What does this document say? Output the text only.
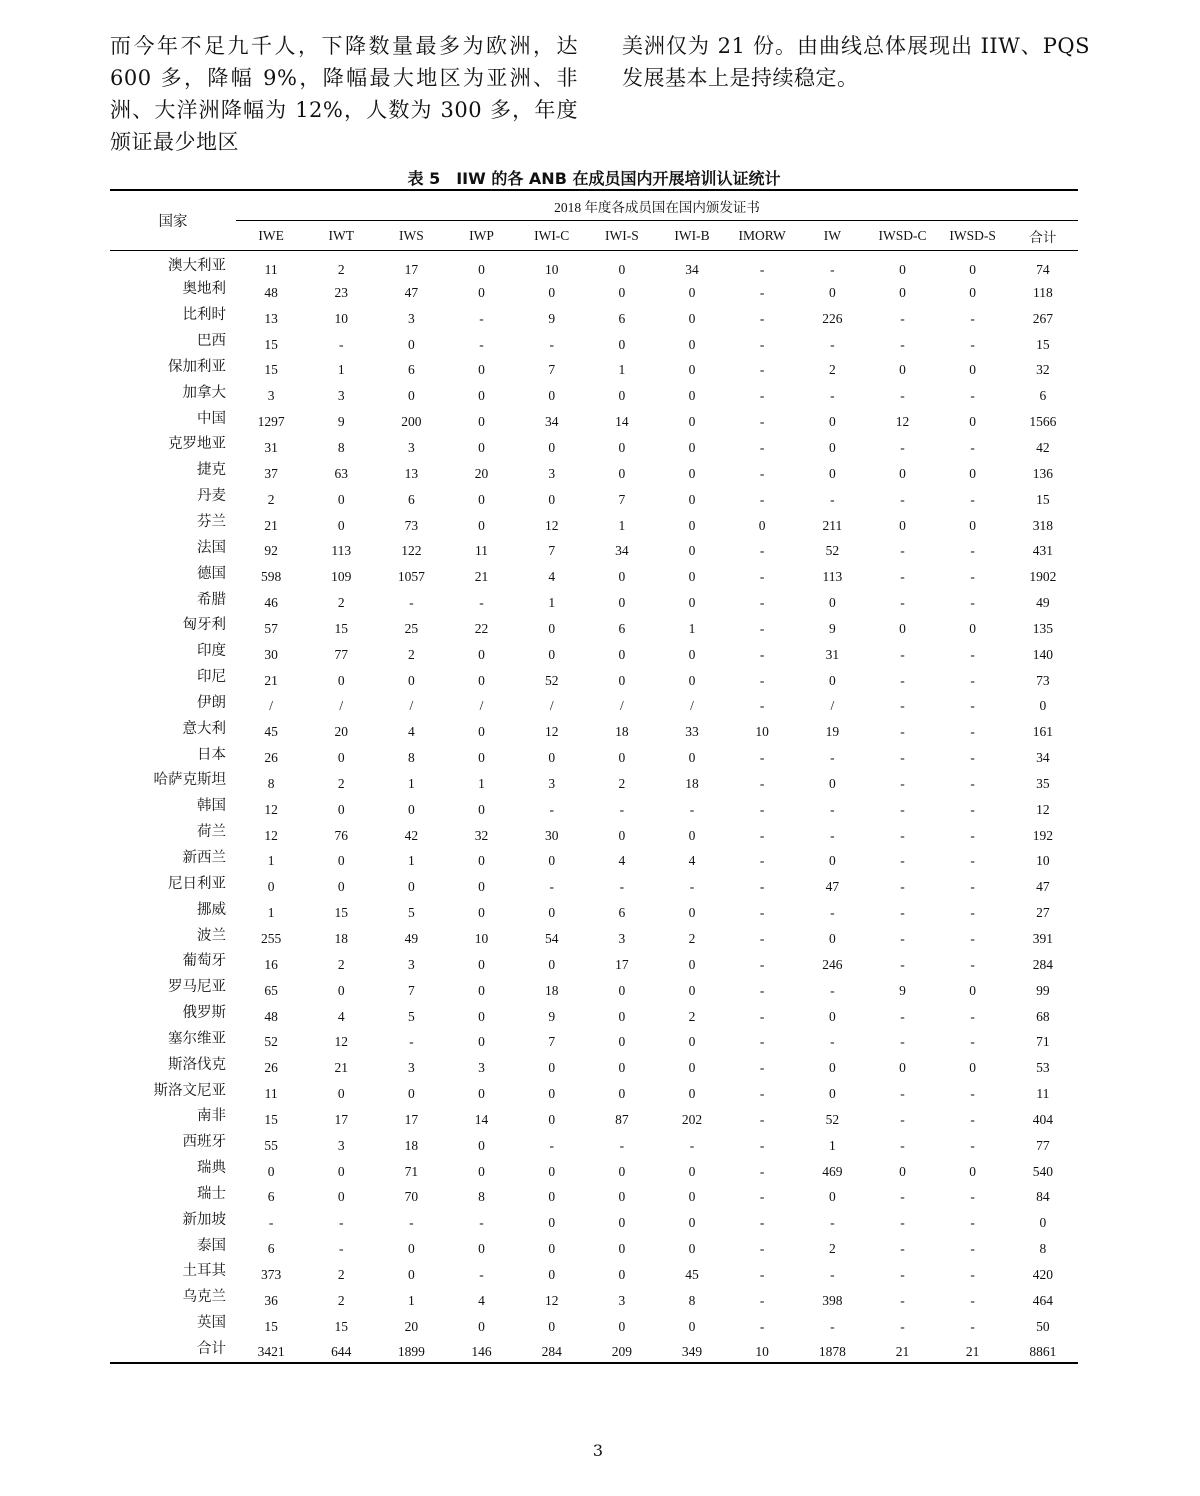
而今年不足九千人，下降数量最多为欧洲，达 600 多，降幅 9%，降幅最大地区为亚洲、非洲、大洋洲降幅为 12%，人数为 300 多，年度颁证最少地区

美洲仅为 21 份。由曲线总体展现出 IIW、PQS 发展基本上是持续稳定。

表 5　IIW 的各 ANB 在成员国内开展培训认证统计
国家	2018 年度各成员国在国内颁发证书											
	IWE	IWT	IWS	IWP	IWI-C	IWI-S	IWI-B	IMORW	IW	IWSD-C	IWSD-S	合计
澳大利亚	11	2	17	0	10	0	34	-	-	0	0	74
奥地利	48	23	47	0	0	0	0	-	0	0	0	118
比利时	13	10	3	-	9	6	0	-	226	-	-	267
巴西	15	-	0	-	-	0	0	-	-	-	-	15
保加利亚	15	1	6	0	7	1	0	-	2	0	0	32
加拿大	3	3	0	0	0	0	0	-	-	-	-	6
中国	1297	9	200	0	34	14	0	-	0	12	0	1566
克罗地亚	31	8	3	0	0	0	0	-	0	-	-	42
捷克	37	63	13	20	3	0	0	-	0	0	0	136
丹麦	2	0	6	0	0	7	0	-	-	-	-	15
芬兰	21	0	73	0	12	1	0	0	211	0	0	318
法国	92	113	122	11	7	34	0	-	52	-	-	431
德国	598	109	1057	21	4	0	0	-	113	-	-	1902
希腊	46	2	-	-	1	0	0	-	0	-	-	49
匈牙利	57	15	25	22	0	6	1	-	9	0	0	135
印度	30	77	2	0	0	0	0	-	31	-	-	140
印尼	21	0	0	0	52	0	0	-	0	-	-	73
伊朗	/	/	/	/	/	/	/	-	/	-	-	0
意大利	45	20	4	0	12	18	33	10	19	-	-	161
日本	26	0	8	0	0	0	0	-	-	-	-	34
哈萨克斯坦	8	2	1	1	3	2	18	-	0	-	-	35
韩国	12	0	0	0	-	-	-	-	-	-	-	12
荷兰	12	76	42	32	30	0	0	-	-	-	-	192
新西兰	1	0	1	0	0	4	4	-	0	-	-	10
尼日利亚	0	0	0	0	-	-	-	-	47	-	-	47
挪威	1	15	5	0	0	6	0	-	-	-	-	27
波兰	255	18	49	10	54	3	2	-	0	-	-	391
葡萄牙	16	2	3	0	0	17	0	-	246	-	-	284
罗马尼亚	65	0	7	0	18	0	0	-	-	9	0	99
俄罗斯	48	4	5	0	9	0	2	-	0	-	-	68
塞尔维亚	52	12	-	0	7	0	0	-	-	-	-	71
斯洛伐克	26	21	3	3	0	0	0	-	0	0	0	53
斯洛文尼亚	11	0	0	0	0	0	0	-	0	-	-	11
南非	15	17	17	14	0	87	202	-	52	-	-	404
西班牙	55	3	18	0	-	-	-	-	1	-	-	77
瑞典	0	0	71	0	0	0	0	-	469	0	0	540
瑞士	6	0	70	8	0	0	0	-	0	-	-	84
新加坡	-	-	-	-	0	0	0	-	-	-	-	0
泰国	6	-	0	0	0	0	0	-	2	-	-	8
土耳其	373	2	0	-	0	0	45	-	-	-	-	420
乌克兰	36	2	1	4	12	3	8	-	398	-	-	464
英国	15	15	20	0	0	0	0	-	-	-	-	50
合计	3421	644	1899	146	284	209	349	10	1878	21	21	8861
3
